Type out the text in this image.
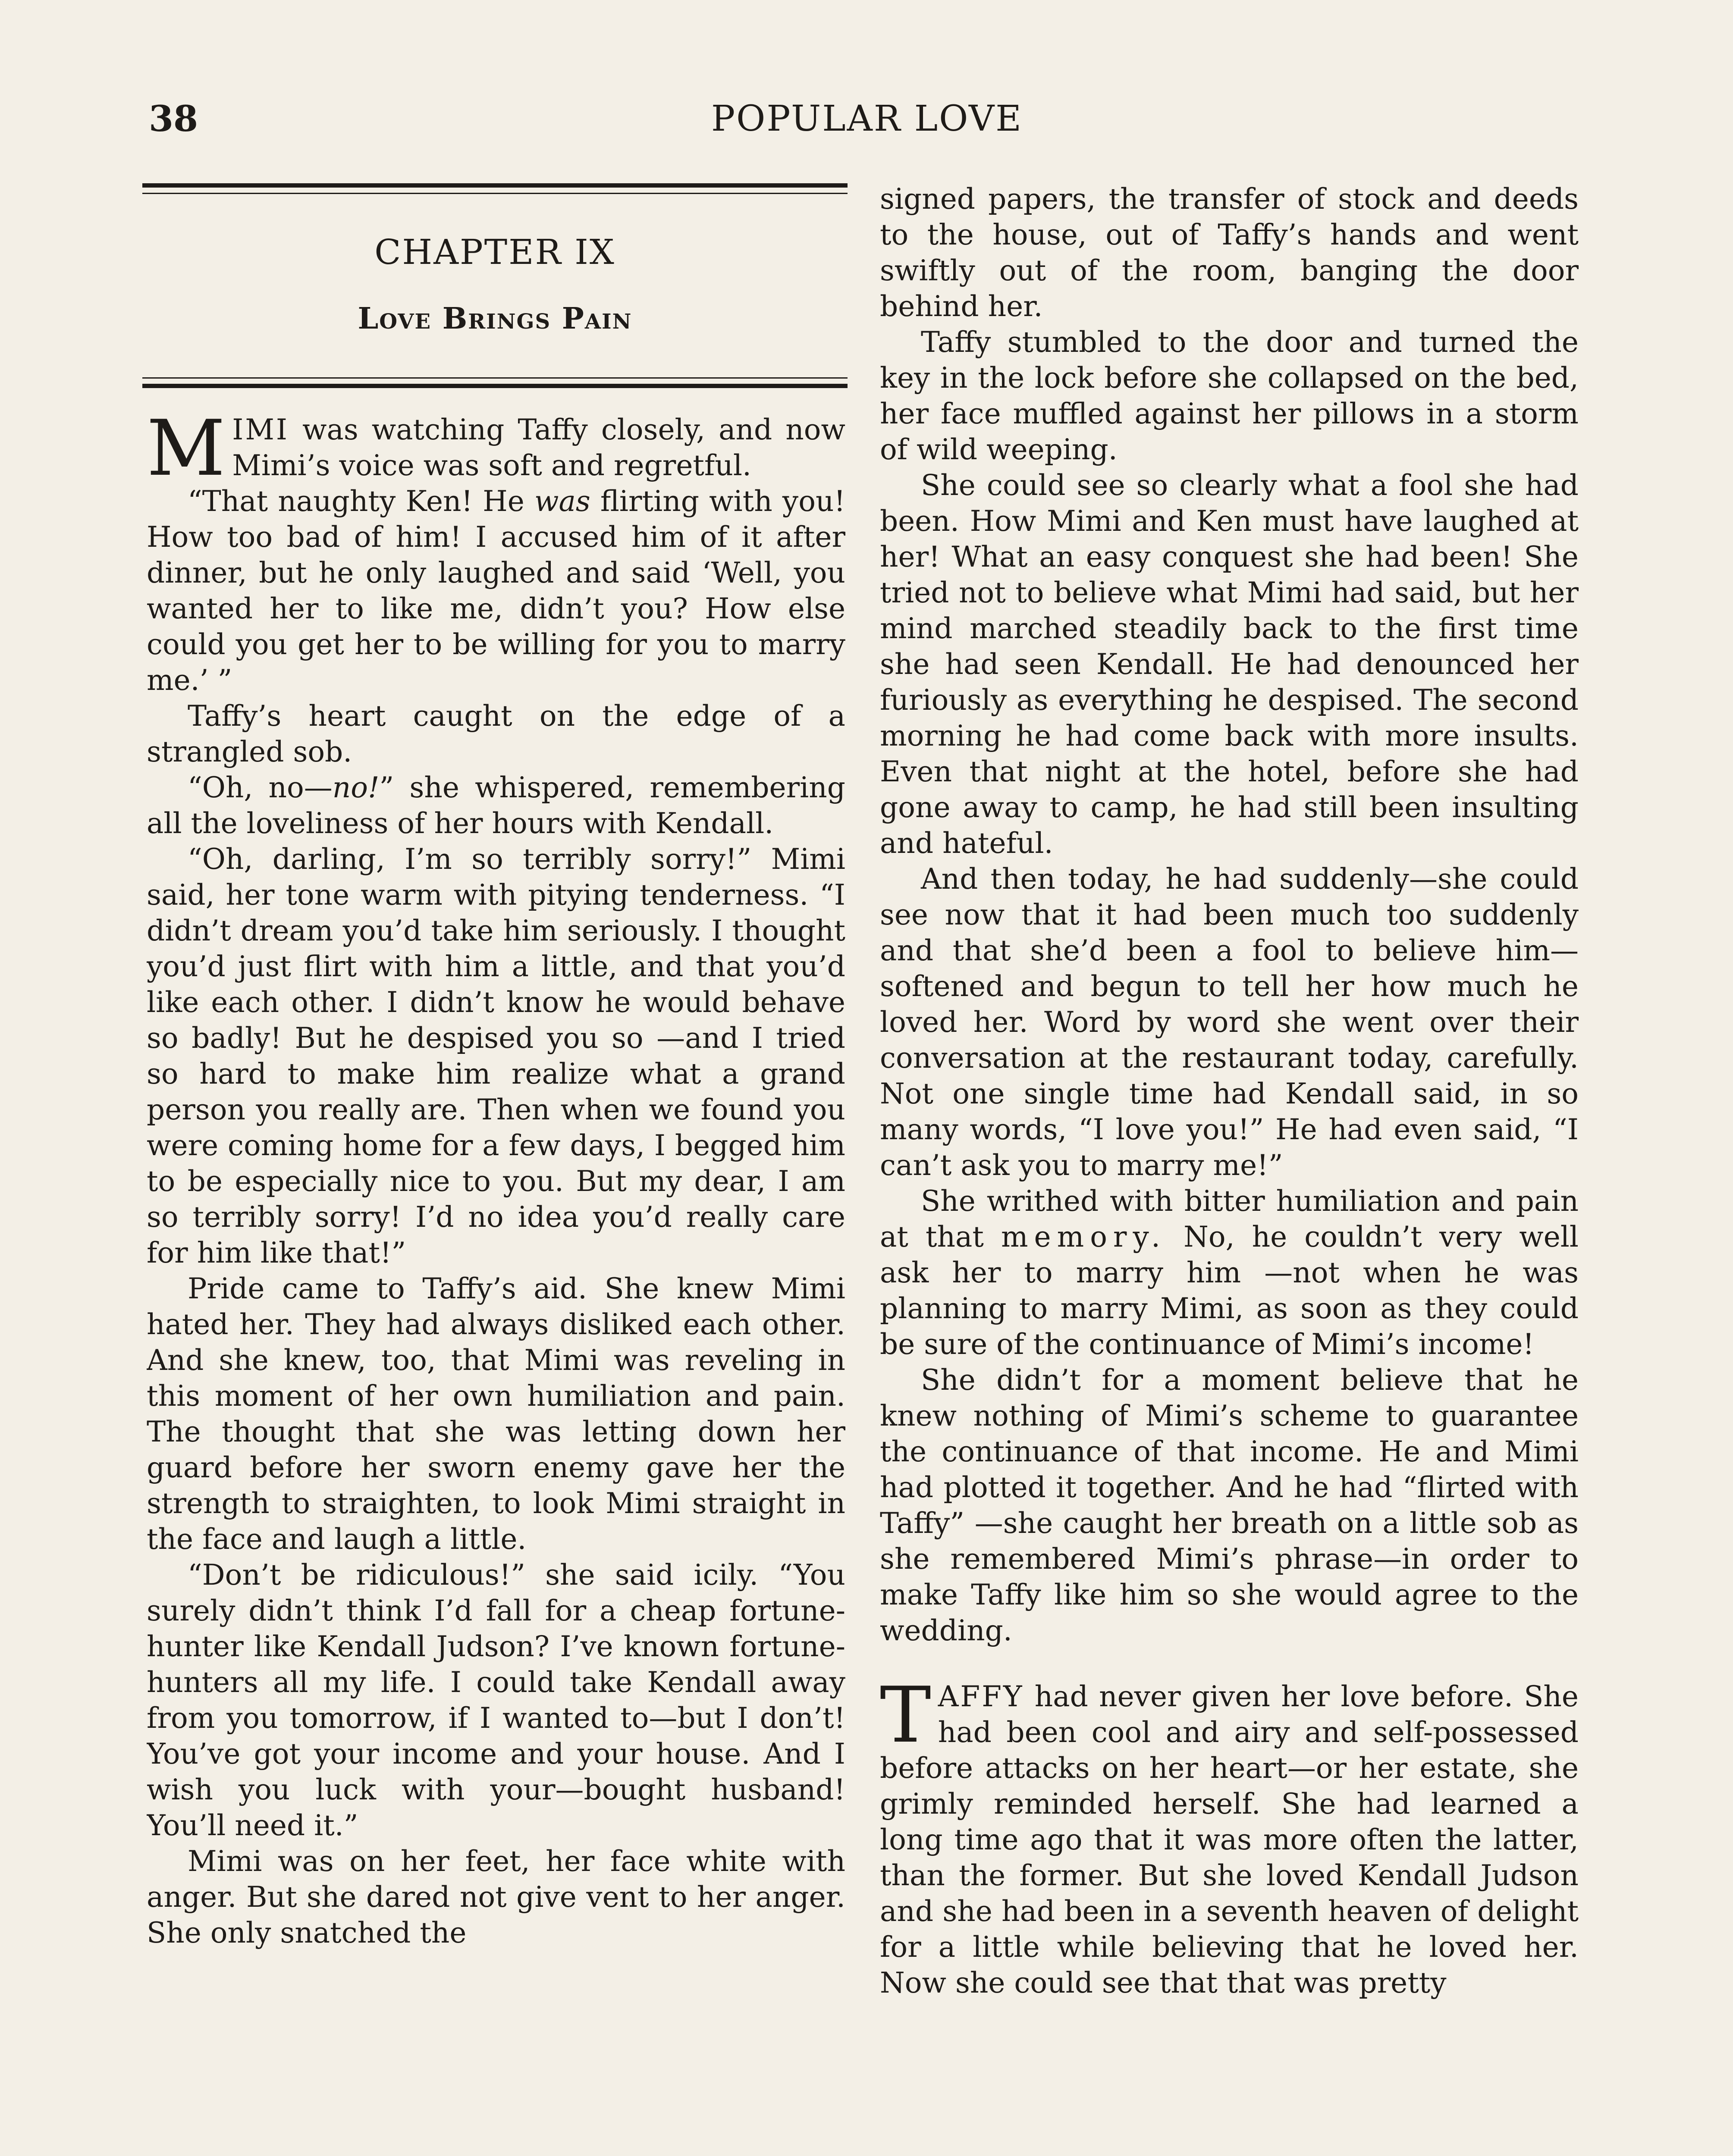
38	POPULAR LOVE
CHAPTER IX
Love Brings Pain

MIMI was watching Taffy closely, and now Mimi’s voice was soft and regretful.

“That naughty Ken! He was flirting with you! How too bad of him! I accused him of it after dinner, but he only laughed and said ‘Well, you wanted her to like me, didn’t you? How else could you get her to be willing for you to marry me.’ ”

Taffy’s heart caught on the edge of a strangled sob.

“Oh, no—no!” she whispered, remembering all the loveliness of her hours with Kendall.

“Oh, darling, I’m so terribly sorry!” Mimi said, her tone warm with pitying tenderness. “I didn’t dream you’d take him seriously. I thought you’d just flirt with him a little, and that you’d like each other. I didn’t know he would behave so badly! But he despised you so —and I tried so hard to make him realize what a grand person you really are. Then when we found you were coming home for a few days, I begged him to be especially nice to you. But my dear, I am so terribly sorry! I’d no idea you’d really care for him like that!”

Pride came to Taffy’s aid. She knew Mimi hated her. They had always disliked each other. And she knew, too, that Mimi was reveling in this moment of her own humiliation and pain. The thought that she was letting down her guard before her sworn enemy gave her the strength to straighten, to look Mimi straight in the face and laugh a little.

“Don’t be ridiculous!” she said icily. “You surely didn’t think I’d fall for a cheap fortune-hunter like Kendall Judson? I’ve known fortune-hunters all my life. I could take Kendall away from you tomorrow, if I wanted to—but I don’t! You’ve got your income and your house. And I wish you luck with your—bought husband! You’ll need it.”

Mimi was on her feet, her face white with anger. But she dared not give vent to her anger. She only snatched the

signed papers, the transfer of stock and deeds to the house, out of Taffy’s hands and went swiftly out of the room, banging the door behind her.

Taffy stumbled to the door and turned the key in the lock before she collapsed on the bed, her face muffled against her pillows in a storm of wild weeping.

She could see so clearly what a fool she had been. How Mimi and Ken must have laughed at her! What an easy conquest she had been! She tried not to believe what Mimi had said, but her mind marched steadily back to the first time she had seen Kendall. He had denounced her furiously as everything he despised. The second morning he had come back with more insults. Even that night at the hotel, before she had gone away to camp, he had still been insulting and hateful.

And then today, he had suddenly—she could see now that it had been much too suddenly and that she’d been a fool to believe him—softened and begun to tell her how much he loved her. Word by word she went over their conversation at the restaurant today, carefully. Not one single time had Kendall said, in so many words, “I love you!” He had even said, “I can’t ask you to marry me!”

She writhed with bitter humiliation and pain at that memory. No, he couldn’t very well ask her to marry him —not when he was planning to marry Mimi, as soon as they could be sure of the continuance of Mimi’s income!

She didn’t for a moment believe that he knew nothing of Mimi’s scheme to guarantee the continuance of that income. He and Mimi had plotted it together. And he had “flirted with Taffy” —she caught her breath on a little sob as she remembered Mimi’s phrase—in order to make Taffy like him so she would agree to the wedding.

TAFFY had never given her love before. She had been cool and airy and self-possessed before attacks on her heart—or her estate, she grimly reminded herself. She had learned a long time ago that it was more often the latter, than the former. But she loved Kendall Judson and she had been in a seventh heaven of delight for a little while believing that he loved her. Now she could see that that was pretty
